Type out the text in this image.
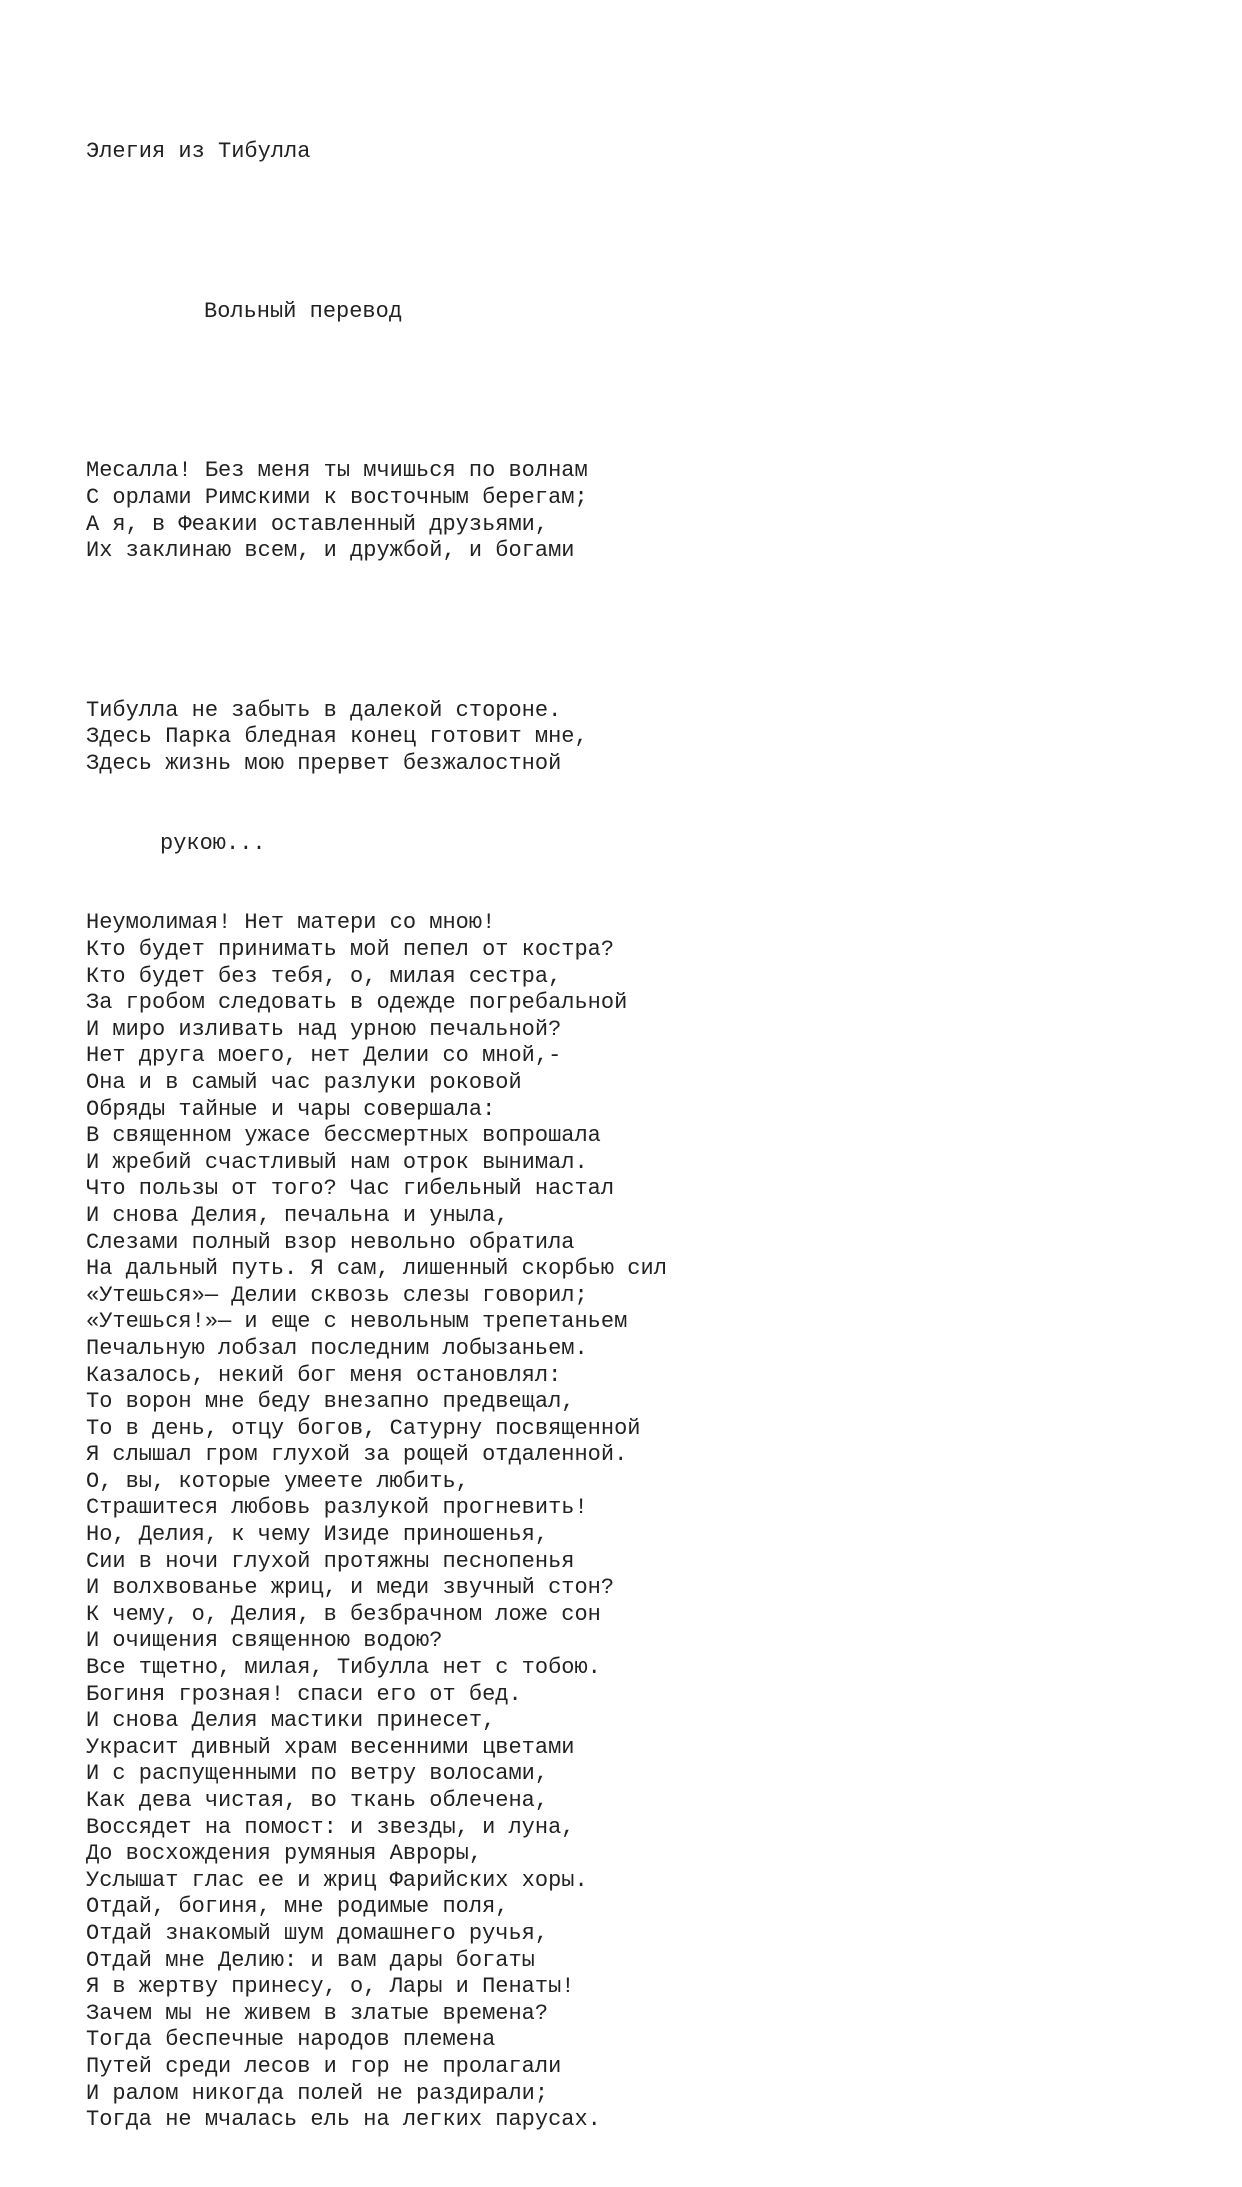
Элегия из Тибулла

Вольный перевод

Месалла! Без меня ты мчишься по волнам
С орлами Римскими к восточным берегам;
А я, в Феакии оставленный друзьями,
Их заклинаю всем, и дружбой, и богами

Тибулла не забыть в далекой стороне.
Здесь Парка бледная конец готовит мне,
Здесь жизнь мою прервет безжалостной

рукою...

Неумолимая! Нет матери со мною!
Кто будет принимать мой пепел от костра?
Кто будет без тебя, о, милая сестра,
За гробом следовать в одежде погребальной
И миро изливать над урною печальной?
Нет друга моего, нет Делии со мной,-
Она и в самый час разлуки роковой
Обряды тайные и чары совершала:
В священном ужасе бессмертных вопрошала
И жребий счастливый нам отрок вынимал.
Что пользы от того? Час гибельный настал
И снова Делия, печальна и уныла,
Слезами полный взор невольно обратила
На дальный путь. Я сам, лишенный скорбью сил
«Утешься»— Делии сквозь слезы говорил;
«Утешься!»— и еще с невольным трепетаньем
Печальную лобзал последним лобызаньем.
Казалось, некий бог меня остановлял:
То ворон мне беду внезапно предвещал,
То в день, отцу богов, Сатурну посвященной
Я слышал гром глухой за рощей отдаленной.
О, вы, которые умеете любить,
Страшитеся любовь разлукой прогневить!
Но, Делия, к чему Изиде приношенья,
Сии в ночи глухой протяжны песнопенья
И волхвованье жриц, и меди звучный стон?
К чему, о, Делия, в безбрачном ложе сон
И очищения священною водою?
Все тщетно, милая, Тибулла нет с тобою.
Богиня грозная! спаси его от бед.
И снова Делия мастики принесет,
Украсит дивный храм весенними цветами
И с распущенными по ветру волосами,
Как дева чистая, во ткань облечена,
Воссядет на помост: и звезды, и луна,
До восхождения румяныя Авроры,
Услышат глас ее и жриц Фарийских хоры.
Отдай, богиня, мне родимые поля,
Отдай знакомый шум домашнего ручья,
Отдай мне Делию: и вам дары богаты
Я в жертву принесу, о, Лары и Пенаты!
Зачем мы не живем в златые времена?
Тогда беспечные народов племена
Путей среди лесов и гор не пролагали
И ралом никогда полей не раздирали;
Тогда не мчалась ель на легких парусах.
